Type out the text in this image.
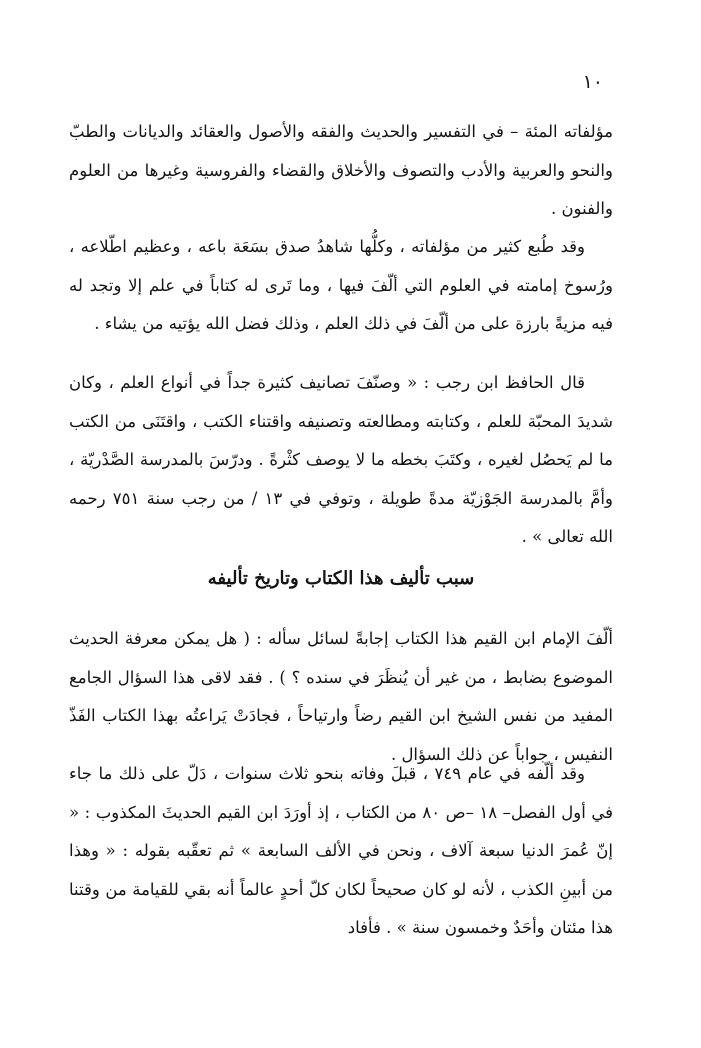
١٠

مؤلفاته المئة – في التفسير والحديث والفقه والأصول والعقائد والديانات والطبّ والنحو والعربية والأدب والتصوف والأخلاق والقضاء والفروسية وغيرها من العلوم والفنون .

وقد طُبع كثير من مؤلفاته ، وكلُّها شاهدُ صدق بسَعَة باعه ، وعظيم اطّلاعه ، ورُسوخ إمامته في العلوم التي ألّفَ فيها ، وما تَرى له كتاباً في علم إلا وتجد له فيه مزيةً بارزة على من ألّفَ في ذلك العلم ، وذلك فضل الله يؤتيه من يشاء .

قال الحافظ ابن رجب : « وصنّفَ تصانيف كثيرة جداً في أنواع العلم ، وكان شديدَ المحبّة للعلم ، وكتابته ومطالعته وتصنيفه واقتناء الكتب ، واقتَنَى من الكتب ما لم يَحصُل لغيره ، وكتَبَ بخطه ما لا يوصف كثْرةً . ودرّسَ بالمدرسة الصَّدْريّة ، وأمَّ بالمدرسة الجَوْزيّة مدةً طويلة ، وتوفي في ١٣ / من رجب سنة ٧٥١ رحمه الله تعالى » .

سبب تأليف هذا الكتاب وتاريخ تأليفه

ألّفَ الإمام ابن القيم هذا الكتاب إجابةً لسائل سأله : ( هل يمكن معرفة الحديث الموضوع بضابط ، من غير أن يُنظَرَ في سنده ؟ ) . فقد لاقى هذا السؤال الجامع المفيد من نفس الشيخ ابن القيم رضاً وارتياحاً ، فجادَتْ يَراعتُه بهذا الكتاب الفَذّ النفيس ، جواباً عن ذلك السؤال .

وقد ألّفه في عام ٧٤٩ ، قبلَ وفاته بنحو ثلاث سنوات ، دَلّ على ذلك ما جاء في أول الفصل– ١٨ –ص ٨٠ من الكتاب ، إذ أورَدَ ابن القيم الحديثَ المكذوب : « إنّ عُمرَ الدنيا سبعة آلاف ، ونحن في الألف السابعة » ثم تعقّبه بقوله : « وهذا من أبينِ الكذب ، لأنه لو كان صحيحاً لكان كلّ أحدٍ عالماً أنه بقي للقيامة من وقتنا هذا مئتان وأحَدٌ وخمسون سنة » . فأفاد
